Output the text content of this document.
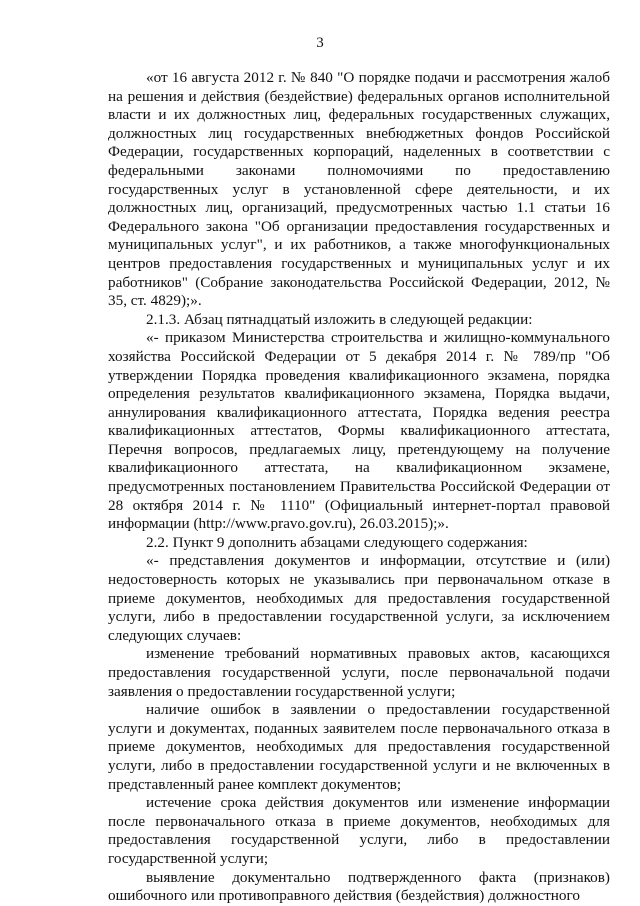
3

«от 16 августа 2012 г. № 840 "О порядке подачи и рассмотрения жалоб на решения и действия (бездействие) федеральных органов исполнительной власти и их должностных лиц, федеральных государственных служащих, должностных лиц государственных внебюджетных фондов Российской Федерации, государственных корпораций, наделенных в соответствии с федеральными законами полномочиями по предоставлению государственных услуг в установленной сфере деятельности, и их должностных лиц, организаций, предусмотренных частью 1.1 статьи 16 Федерального закона "Об организации предоставления государственных и муниципальных услуг", и их работников, а также многофункциональных центров предоставления государственных и муниципальных услуг и их работников" (Собрание законодательства Российской Федерации, 2012, № 35, ст. 4829);».

2.1.3. Абзац пятнадцатый изложить в следующей редакции:

«- приказом Министерства строительства и жилищно-коммунального хозяйства Российской Федерации от 5 декабря 2014 г. № 789/пр "Об утверждении Порядка проведения квалификационного экзамена, порядка определения результатов квалификационного экзамена, Порядка выдачи, аннулирования квалификационного аттестата, Порядка ведения реестра квалификационных аттестатов, Формы квалификационного аттестата, Перечня вопросов, предлагаемых лицу, претендующему на получение квалификационного аттестата, на квалификационном экзамене, предусмотренных постановлением Правительства Российской Федерации от 28 октября 2014 г. № 1110" (Официальный интернет-портал правовой информации (http://www.pravo.gov.ru), 26.03.2015);».

2.2. Пункт 9 дополнить абзацами следующего содержания:

«- представления документов и информации, отсутствие и (или) недостоверность которых не указывались при первоначальном отказе в приеме документов, необходимых для предоставления государственной услуги, либо в предоставлении государственной услуги, за исключением следующих случаев:

изменение требований нормативных правовых актов, касающихся предоставления государственной услуги, после первоначальной подачи заявления о предоставлении государственной услуги;

наличие ошибок в заявлении о предоставлении государственной услуги и документах, поданных заявителем после первоначального отказа в приеме документов, необходимых для предоставления государственной услуги, либо в предоставлении государственной услуги и не включенных в представленный ранее комплект документов;

истечение срока действия документов или изменение информации после первоначального отказа в приеме документов, необходимых для предоставления государственной услуги, либо в предоставлении государственной услуги;

выявление документально подтвержденного факта (признаков) ошибочного или противоправного действия (бездействия) должностного
